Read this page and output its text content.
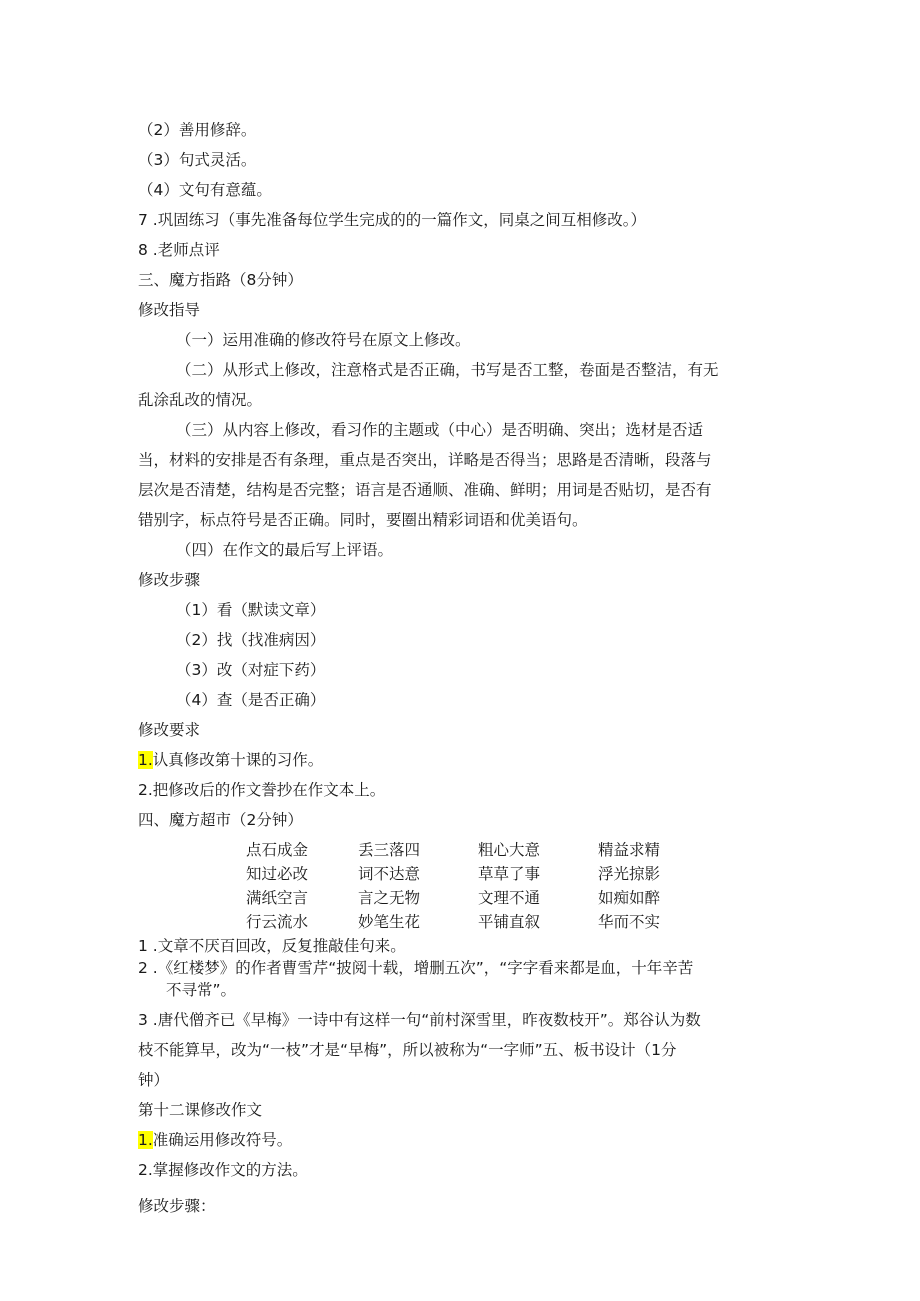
（2）善用修辞。
（3）句式灵活。
（4）文句有意蕴。
7 .巩固练习（事先准备每位学生完成的的一篇作文，同桌之间互相修改。）
8 .老师点评
三、魔方指路（8分钟）
修改指导
（一）运用准确的修改符号在原文上修改。
（二）从形式上修改，注意格式是否正确，书写是否工整，卷面是否整洁，有无
乱涂乱改的情况。
（三）从内容上修改，看习作的主题或（中心）是否明确、突出；选材是否适
当，材料的安排是否有条理，重点是否突出，详略是否得当；思路是否清晰，段落与
层次是否清楚，结构是否完整；语言是否通顺、准确、鲜明；用词是否贴切，是否有
错别字，标点符号是否正确。同时，要圈出精彩词语和优美语句。
（四）在作文的最后写上评语。
修改步骤
（1）看（默读文章）
（2）找（找准病因）
（3）改（对症下药）
（4）查（是否正确）
修改要求
1.认真修改第十课的习作。
2.把修改后的作文誊抄在作文本上。
四、魔方超市（2分钟）
点石成金	丢三落四	粗心大意	精益求精
知过必改	词不达意	草草了事	浮光掠影
满纸空言	言之无物	文理不通	如痴如醉
行云流水	妙笔生花	平铺直叙	华而不实
1 .文章不厌百回改，反复推敲佳句来。
2 .《红楼梦》的作者曹雪芹“披阅十载，增删五次”，“字字看来都是血，十年辛苦
不寻常”。
3 .唐代僧齐已《早梅》一诗中有这样一句“前村深雪里，昨夜数枝开”。郑谷认为数
枝不能算早，改为“一枝”才是“早梅”，所以被称为“一字师”五、板书设计（1分
钟）
第十二课修改作文
1.准确运用修改符号。
2.掌握修改作文的方法。
修改步骤：
